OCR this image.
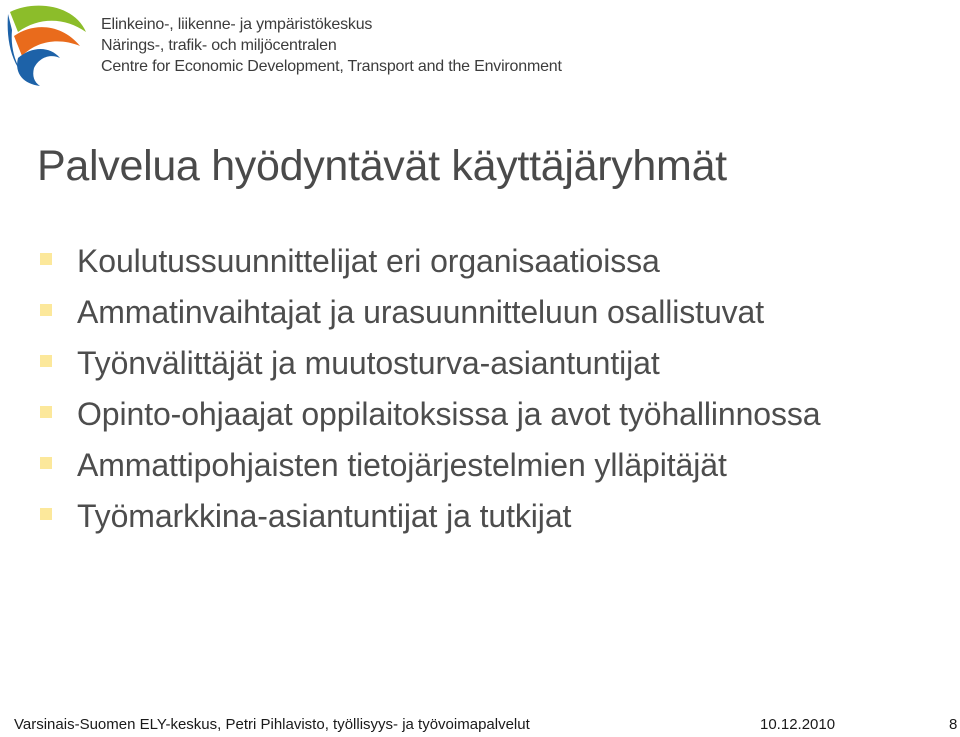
Elinkeino-, liikenne- ja ympäristökeskus
Närings-, trafik- och miljöcentralen
Centre for Economic Development, Transport and the Environment
Palvelua hyödyntävät käyttäjäryhmät
Koulutussuunnittelijat eri organisaatioissa
Ammatinvaihtajat ja urasuunnitteluun osallistuvat
Työnvälittäjät ja muutosturva-asiantuntijat
Opinto-ohjaajat oppilaitoksissa ja avot työhallinnossa
Ammattipohjaisten tietojärjestelmien ylläpitäjät
Työmarkkina-asiantuntijat ja tutkijat
Varsinais-Suomen ELY-keskus, Petri Pihlavisto, työllisyys- ja työvoimapalvelut	10.12.2010	8
